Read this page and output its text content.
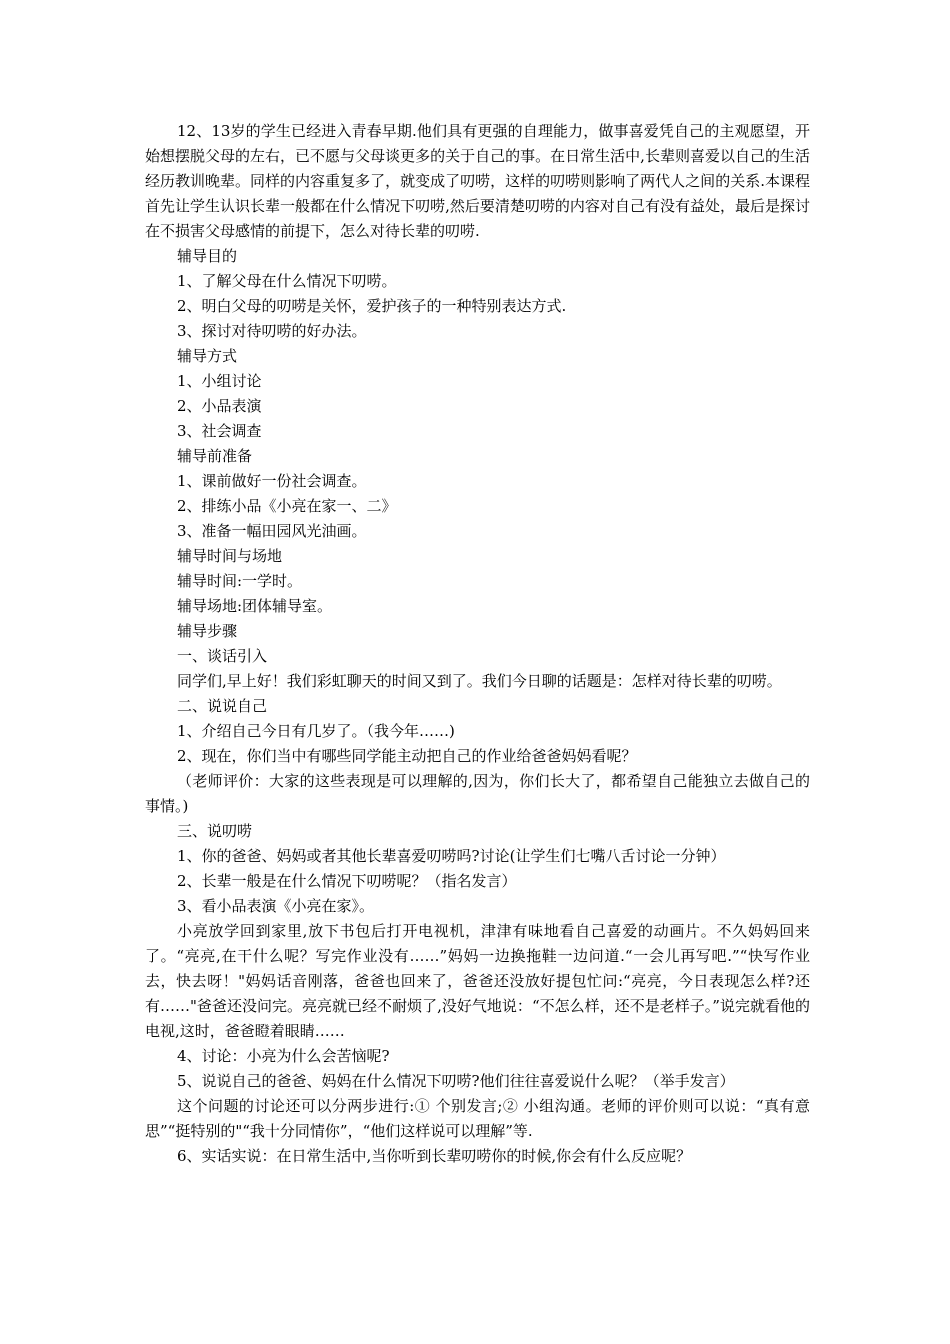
12、13岁的学生已经进入青春早期.他们具有更强的自理能力，做事喜爱凭自己的主观愿望，开始想摆脱父母的左右，已不愿与父母谈更多的关于自己的事。在日常生活中,长辈则喜爱以自己的生活经历教训晚辈。同样的内容重复多了，就变成了叨唠，这样的叨唠则影响了两代人之间的关系.本课程首先让学生认识长辈一般都在什么情况下叨唠,然后要清楚叨唠的内容对自己有没有益处，最后是探讨在不损害父母感情的前提下，怎么对待长辈的叨唠.

辅导目的

1、了解父母在什么情况下叨唠。

2、明白父母的叨唠是关怀，爱护孩子的一种特别表达方式.

3、探讨对待叨唠的好办法。

辅导方式

1、小组讨论

2、小品表演

3、社会调查

辅导前准备

1、课前做好一份社会调查。

2、排练小品《小亮在家一、二》

3、准备一幅田园风光油画。

辅导时间与场地

辅导时间:一学时。

辅导场地:团体辅导室。

辅导步骤

一、谈话引入

同学们,早上好！我们彩虹聊天的时间又到了。我们今日聊的话题是：怎样对待长辈的叨唠。

二、说说自己

1、介绍自己今日有几岁了。（我今年……)

2、现在，你们当中有哪些同学能主动把自己的作业给爸爸妈妈看呢？

（老师评价：大家的这些表现是可以理解的,因为，你们长大了，都希望自己能独立去做自己的事情。)

三、说叨唠

1、你的爸爸、妈妈或者其他长辈喜爱叨唠吗?讨论(让学生们七嘴八舌讨论一分钟）

2、长辈一般是在什么情况下叨唠呢？（指名发言）

3、看小品表演《小亮在家》。

小亮放学回到家里,放下书包后打开电视机，津津有味地看自己喜爱的动画片。不久妈妈回来了。“亮亮,在干什么呢？写完作业没有……”妈妈一边换拖鞋一边问道.“一会儿再写吧.”“快写作业去，快去呀！"妈妈话音刚落，爸爸也回来了，爸爸还没放好提包忙问:“亮亮，今日表现怎么样?还有……"爸爸还没问完。亮亮就已经不耐烦了,没好气地说：“不怎么样，还不是老样子。”说完就看他的电视,这时，爸爸瞪着眼睛……

4、讨论：小亮为什么会苦恼呢?

5、说说自己的爸爸、妈妈在什么情况下叨唠?他们往往喜爱说什么呢？（举手发言）

这个问题的讨论还可以分两步进行:① 个别发言;② 小组沟通。老师的评价则可以说：“真有意思”“挺特别的"“我十分同情你”，“他们这样说可以理解”等.

6、实话实说：在日常生活中,当你听到长辈叨唠你的时候,你会有什么反应呢？
